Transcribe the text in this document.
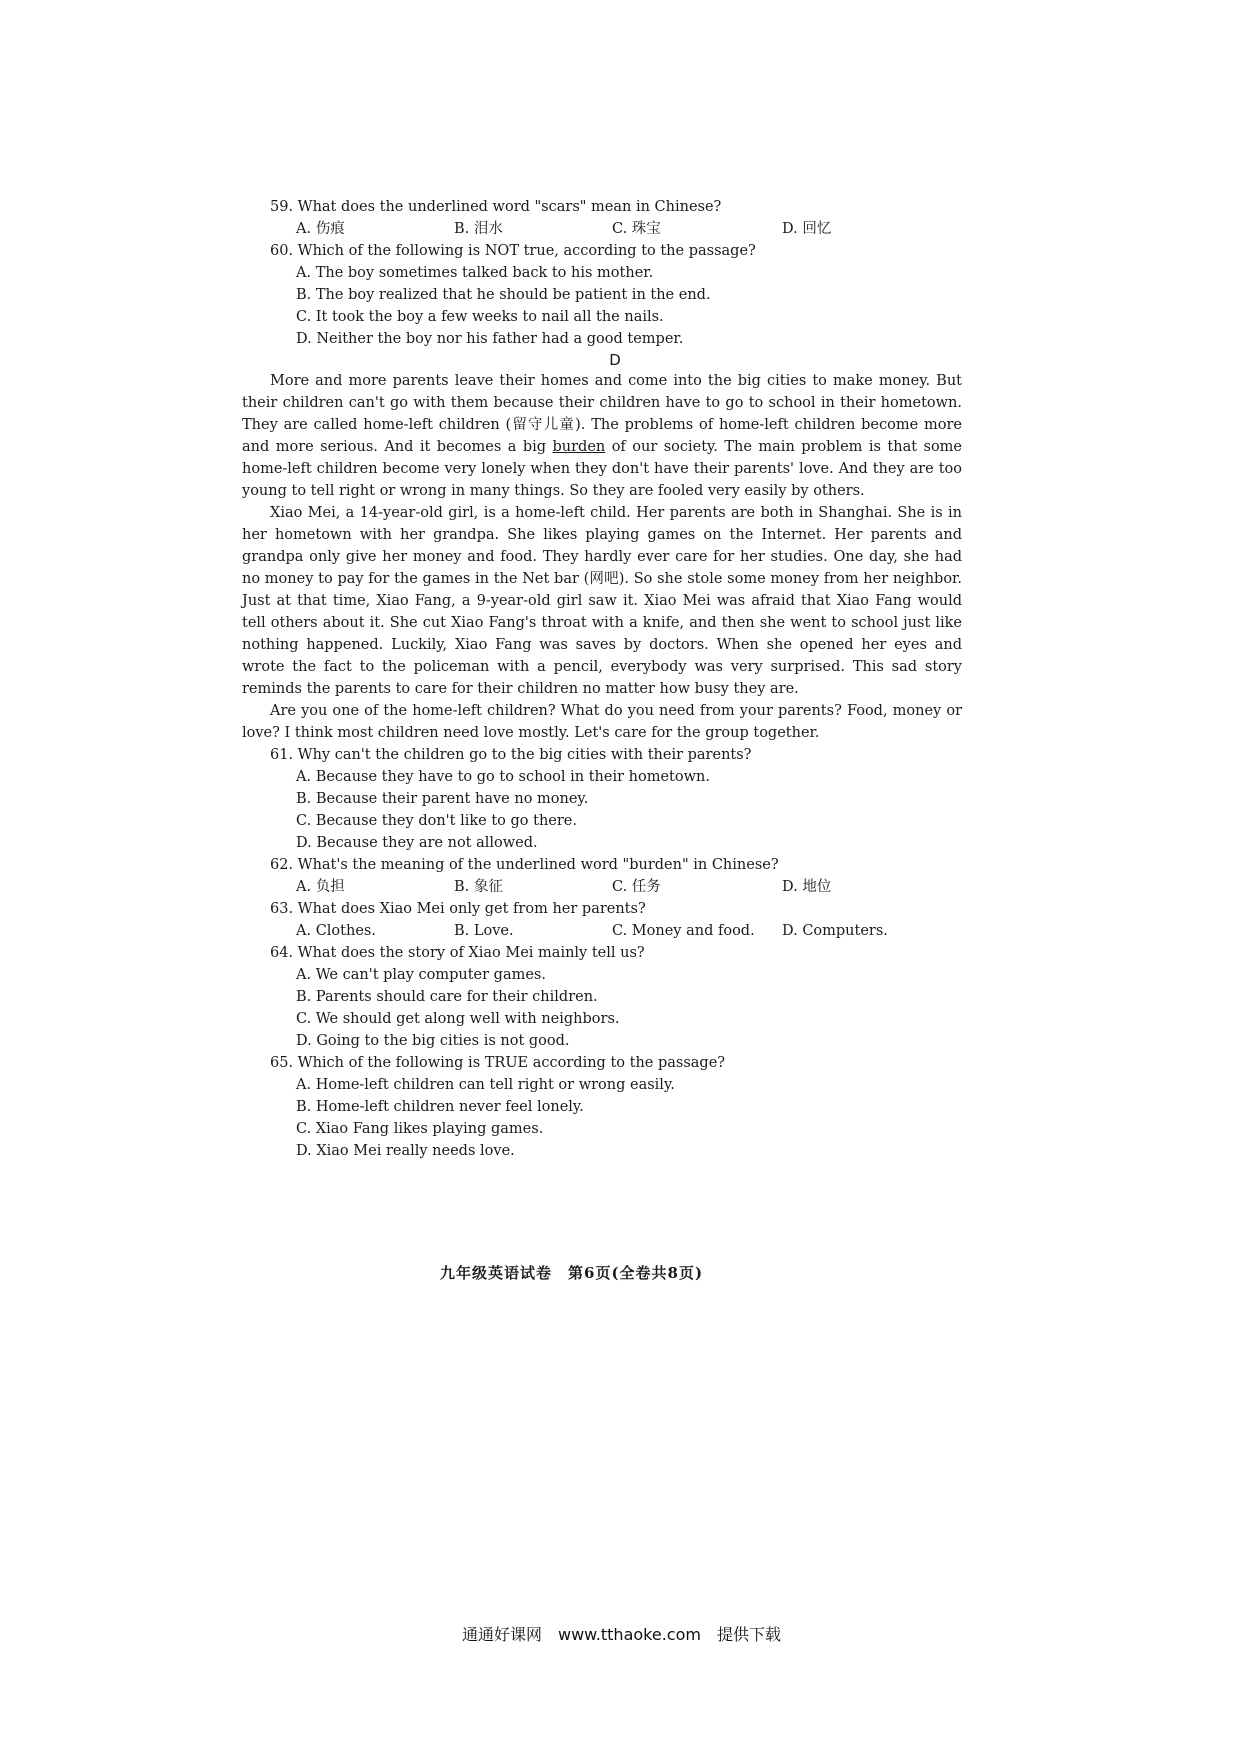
59. What does the underlined word "scars" mean in Chinese?

A. 伤痕	B. 泪水	C. 珠宝	D. 回忆

60. Which of the following is NOT true, according to the passage?

A. The boy sometimes talked back to his mother.

B. The boy realized that he should be patient in the end.

C. It took the boy a few weeks to nail all the nails.

D. Neither the boy nor his father had a good temper.

D

More and more parents leave their homes and come into the big cities to make money. But their children can't go with them because their children have to go to school in their hometown. They are called home-left children (留守儿童). The problems of home-left children become more and more serious. And it becomes a big burden of our society. The main problem is that some home-left children become very lonely when they don't have their parents' love. And they are too young to tell right or wrong in many things. So they are fooled very easily by others.

Xiao Mei, a 14-year-old girl, is a home-left child. Her parents are both in Shanghai. She is in her hometown with her grandpa. She likes playing games on the Internet. Her parents and grandpa only give her money and food. They hardly ever care for her studies. One day, she had no money to pay for the games in the Net bar (网吧). So she stole some money from her neighbor. Just at that time, Xiao Fang, a 9-year-old girl saw it. Xiao Mei was afraid that Xiao Fang would tell others about it. She cut Xiao Fang's throat with a knife, and then she went to school just like nothing happened. Luckily, Xiao Fang was saves by doctors. When she opened her eyes and wrote the fact to the policeman with a pencil, everybody was very surprised. This sad story reminds the parents to care for their children no matter how busy they are.

Are you one of the home-left children? What do you need from your parents? Food, money or love? I think most children need love mostly. Let's care for the group together.

61. Why can't the children go to the big cities with their parents?

A. Because they have to go to school in their hometown.

B. Because their parent have no money.

C. Because they don't like to go there.

D. Because they are not allowed.

62. What's the meaning of the underlined word "burden" in Chinese?

A. 负担	B. 象征	C. 任务	D. 地位

63. What does Xiao Mei only get from her parents?

A. Clothes.	B. Love.	C. Money and food.	D. Computers.

64. What does the story of Xiao Mei mainly tell us?

A. We can't play computer games.

B. Parents should care for their children.

C. We should get along well with neighbors.

D. Going to the big cities is not good.

65. Which of the following is TRUE according to the passage?

A. Home-left children can tell right or wrong easily.

B. Home-left children never feel lonely.

C. Xiao Fang likes playing games.

D. Xiao Mei really needs love.

九年级英语试卷　第6页(全卷共8页)
通通好课网　www.tthaoke.com　提供下载
